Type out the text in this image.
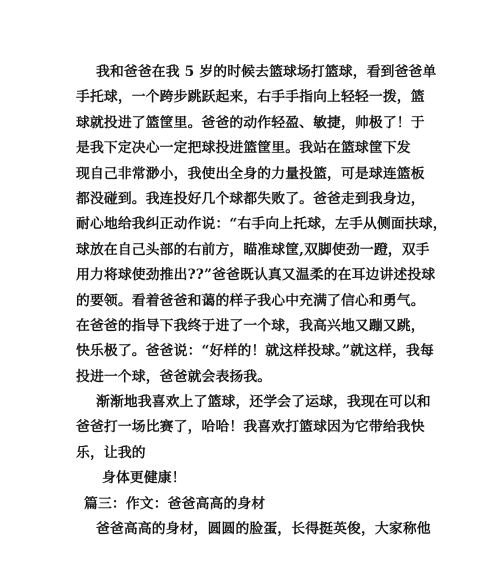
我和爸爸在我 5 岁的时候去篮球场打篮球，看到爸爸单
手托球，一个跨步跳跃起来，右手手指向上轻轻一拨，篮
球就投进了篮筐里。爸爸的动作轻盈、敏捷，帅极了！于
是我下定决心一定把球投进篮筐里。我站在篮球筐下发
现自己非常渺小，我使出全身的力量投篮，可是球连篮板
都没碰到。我连投好几个球都失败了。爸爸走到我身边，
耐心地给我纠正动作说：“右手向上托球，左手从侧面扶球，
球放在自己头部的右前方，瞄准球筐,双脚使劲一蹬，双手
用力将球使劲推出??”爸爸既认真又温柔的在耳边讲述投球
的要领。看着爸爸和蔼的样子我心中充满了信心和勇气。
在爸爸的指导下我终于进了一个球，我高兴地又蹦又跳，
快乐极了。爸爸说：“好样的！就这样投球。”就这样，我每
投进一个球，爸爸就会表扬我。
渐渐地我喜欢上了篮球，还学会了运球，我现在可以和
爸爸打一场比赛了，哈哈！我喜欢打篮球因为它带给我快
乐，让我的
身体更健康！
篇三：作文：爸爸高高的身材
爸爸高高的身材，圆圆的脸蛋，长得挺英俊，大家称他
